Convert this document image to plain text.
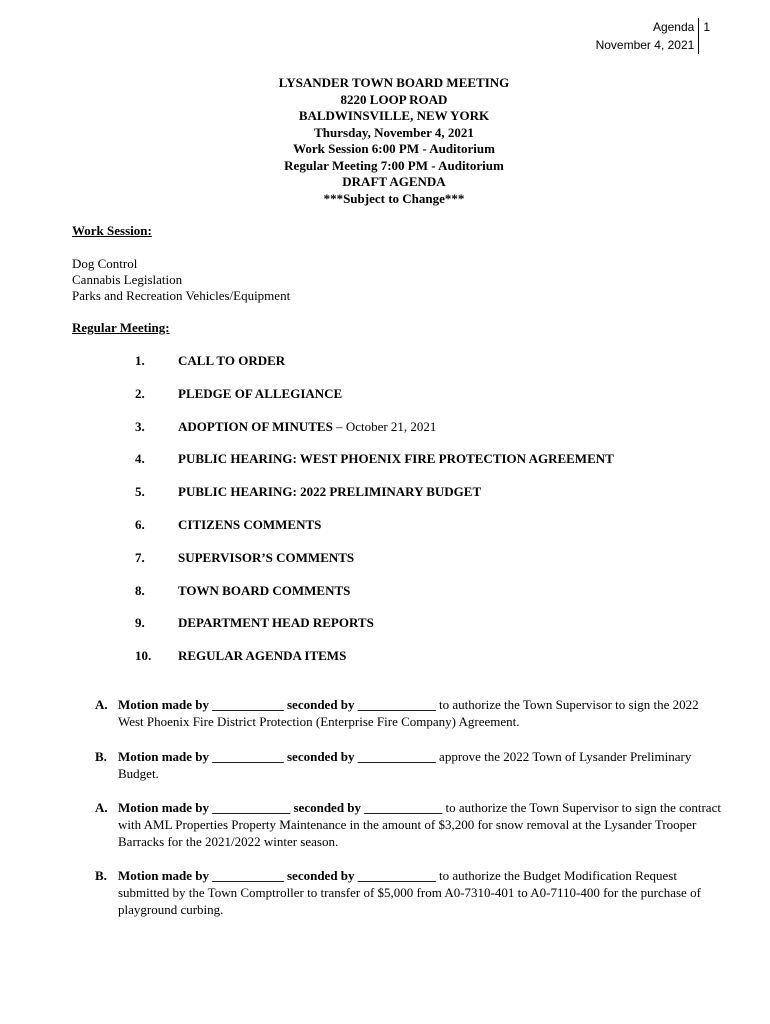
Agenda
November 4, 2021
1
LYSANDER TOWN BOARD MEETING
8220 LOOP ROAD
BALDWINSVILLE, NEW YORK
Thursday, November 4, 2021
Work Session 6:00 PM - Auditorium
Regular Meeting 7:00 PM - Auditorium
DRAFT AGENDA
***Subject to Change***
Work Session:
Dog Control
Cannabis Legislation
Parks and Recreation Vehicles/Equipment
Regular Meeting:
1.	CALL TO ORDER
2.	PLEDGE OF ALLEGIANCE
3.	ADOPTION OF MINUTES – October 21, 2021
4.	PUBLIC HEARING: WEST PHOENIX FIRE PROTECTION AGREEMENT
5.	PUBLIC HEARING: 2022 PRELIMINARY BUDGET
6.	CITIZENS COMMENTS
7.	SUPERVISOR’S COMMENTS
8.	TOWN BOARD COMMENTS
9.	DEPARTMENT HEAD REPORTS
10.	REGULAR AGENDA ITEMS
A. Motion made by ___________ seconded by ____________ to authorize the Town Supervisor to sign the 2022 West Phoenix Fire District Protection (Enterprise Fire Company) Agreement.
B. Motion made by ___________ seconded by ____________ approve the 2022 Town of Lysander Preliminary Budget.
A. Motion made by ____________ seconded by ____________ to authorize the Town Supervisor to sign the contract with AML Properties Property Maintenance in the amount of $3,200 for snow removal at the Lysander Trooper Barracks for the 2021/2022 winter season.
B. Motion made by ___________ seconded by ____________ to authorize the Budget Modification Request submitted by the Town Comptroller to transfer of $5,000 from A0-7310-401 to A0-7110-400 for the purchase of playground curbing.
